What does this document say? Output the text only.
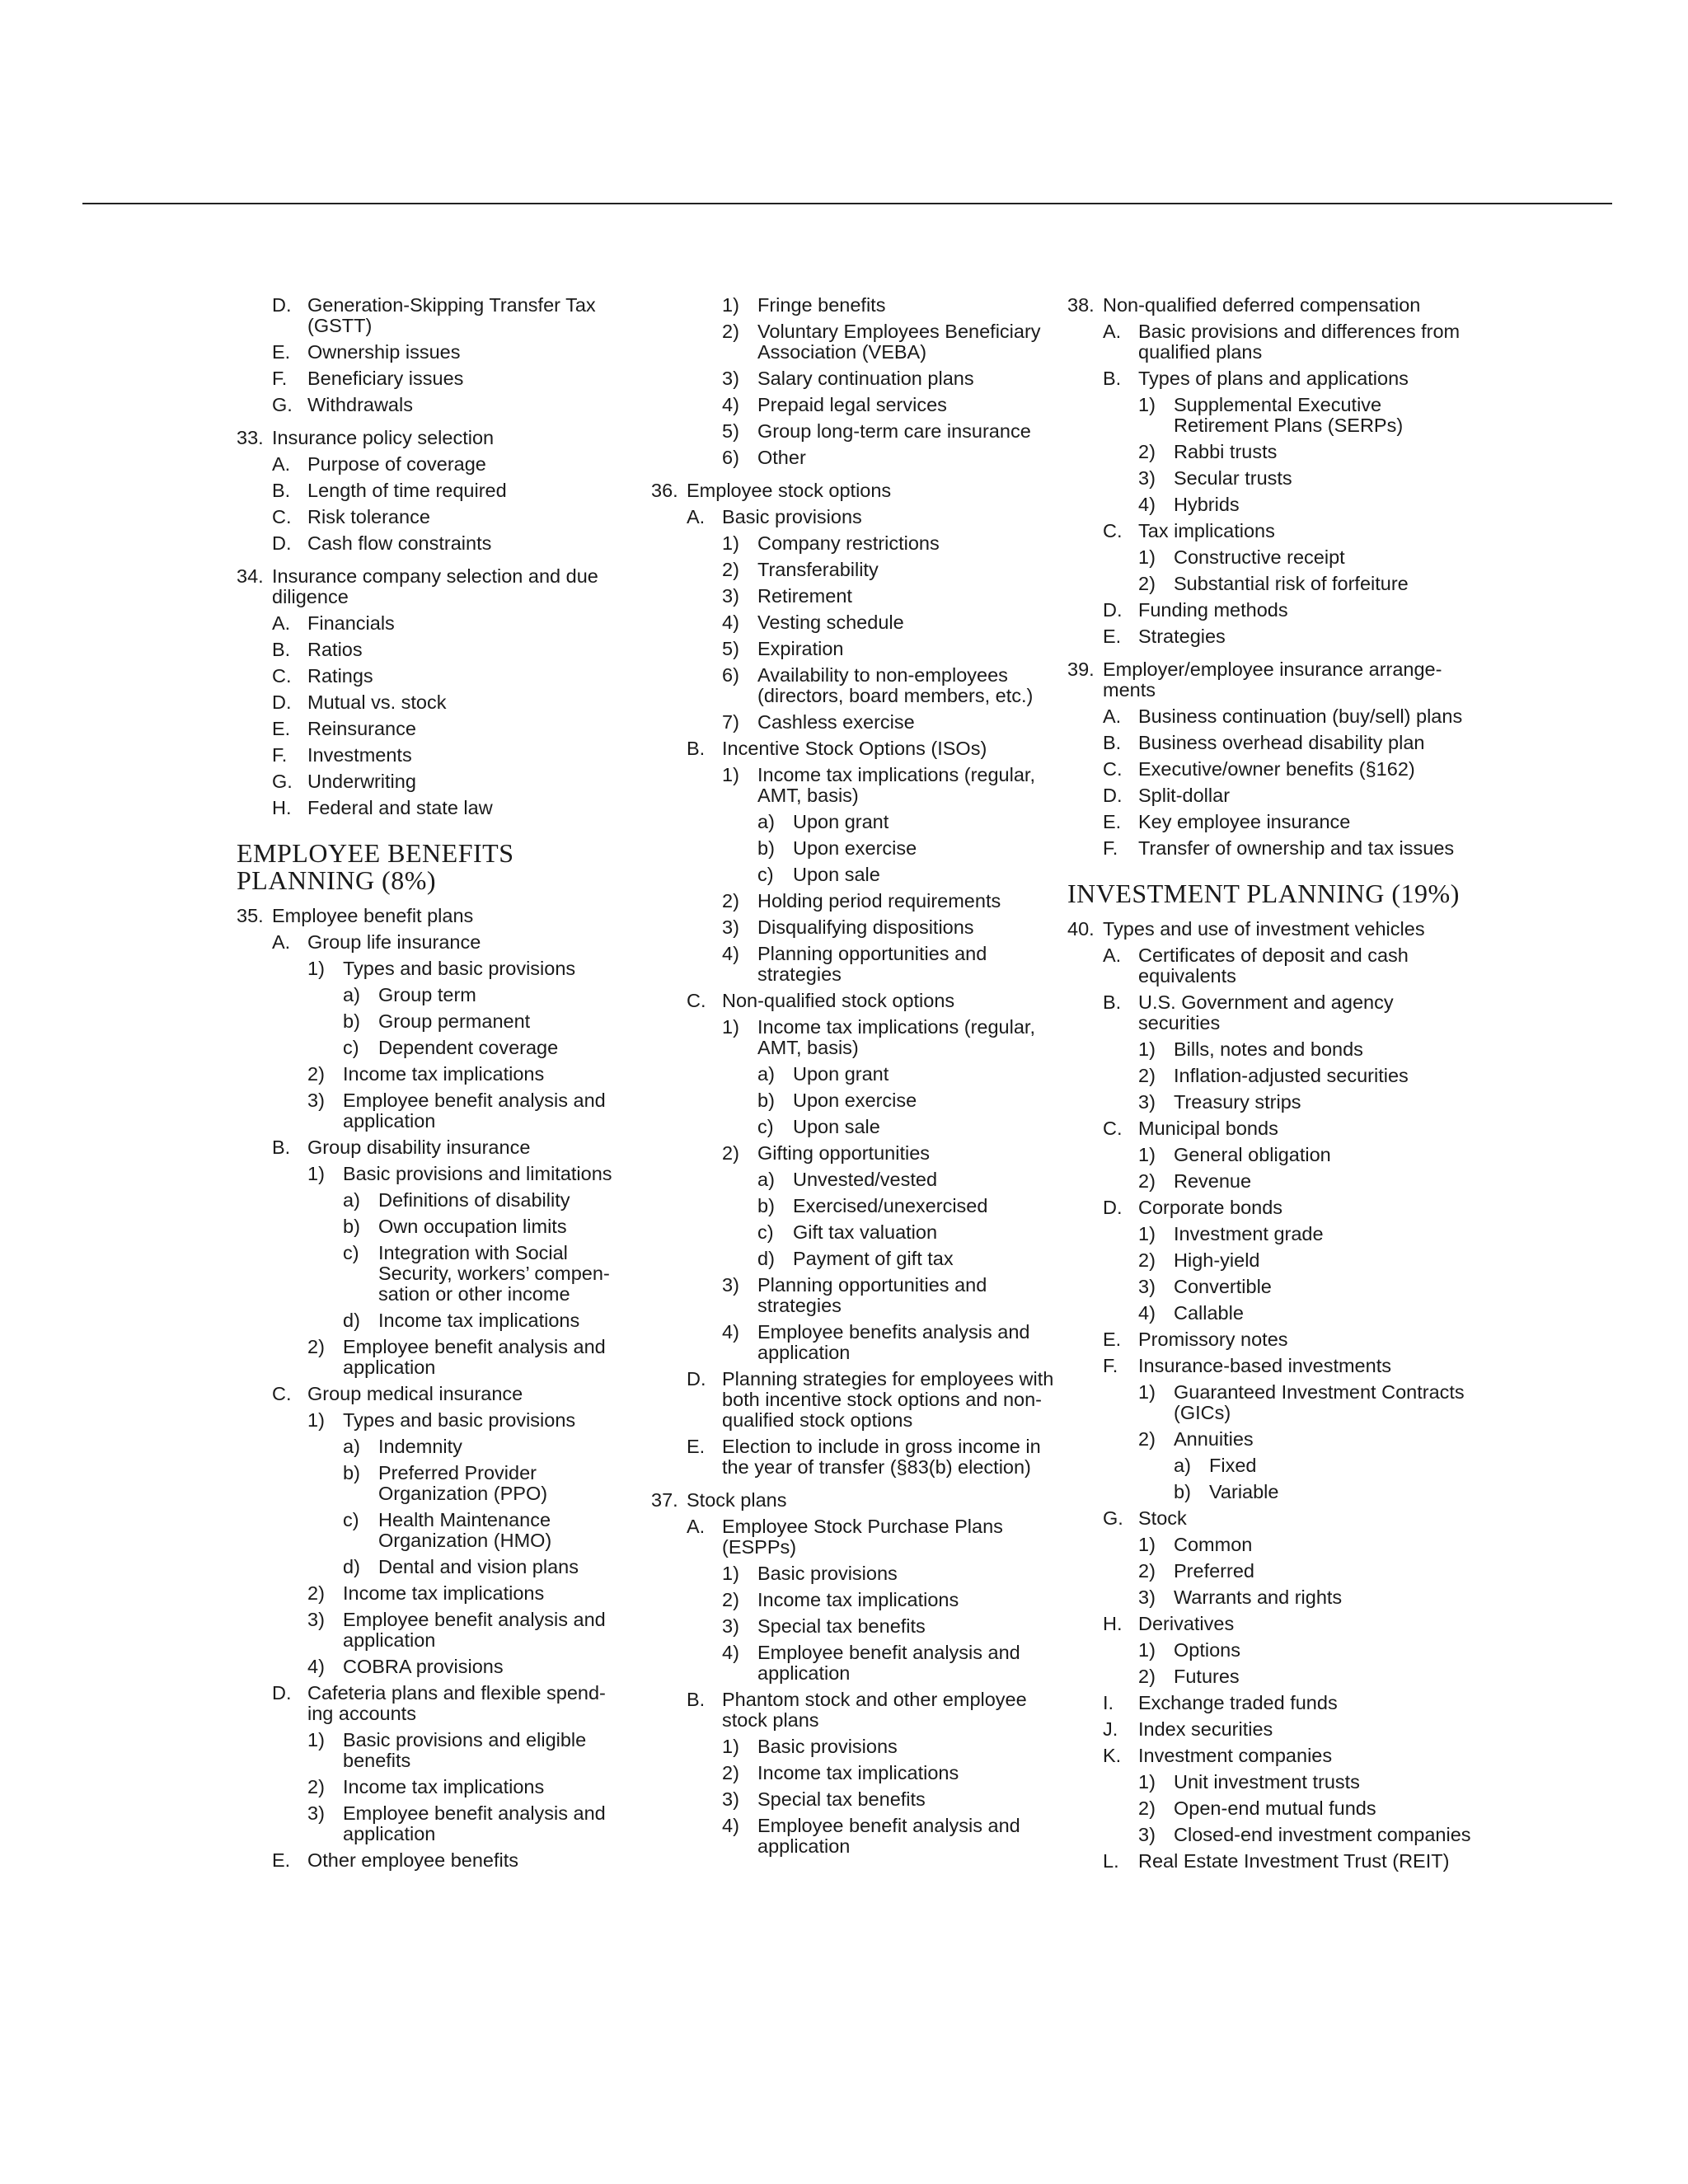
D. Generation-Skipping Transfer Tax (GSTT)
E. Ownership issues
F.	Beneficiary issues
G. Withdrawals
33. Insurance policy selection
A. Purpose of coverage
B. Length of time required
C. Risk tolerance
D. Cash flow constraints
34. Insurance company selection and due diligence
A. Financials
B. Ratios
C. Ratings
D. Mutual vs. stock
E. Reinsurance
F.	Investments
G. Underwriting
H. Federal and state law
EMPLOYEE BENEFITS
PLANNING (8%)
35. Employee benefit plans
A. Group life insurance
1) Types and basic provisions
a) Group term
b) Group permanent
c) Dependent coverage
2) Income tax implications
3) Employee benefit analysis and application
B. Group disability insurance
1) Basic provisions and limitations
a) Definitions of disability
b) Own occupation limits
c) Integration with Social Security, workers’ compen-sation or other income
d) Income tax implications
2) Employee benefit analysis and application
C. Group medical insurance
1) Types and basic provisions
a) Indemnity
b) Preferred Provider Organization (PPO)
c) Health Maintenance Organization (HMO)
d) Dental and vision plans
2) Income tax implications
3) Employee benefit analysis and application
4) COBRA provisions
D. Cafeteria plans and flexible spend-ing accounts
1) Basic provisions and eligible benefits
2) Income tax implications
3) Employee benefit analysis and application
E. Other employee benefits
1) Fringe benefits
2) Voluntary Employees Beneficiary Association (VEBA)
3) Salary continuation plans
4) Prepaid legal services
5) Group long-term care insurance
6) Other
36. Employee stock options
A. Basic provisions
1) Company restrictions
2) Transferability
3) Retirement
4) Vesting schedule
5) Expiration
6) Availability to non-employees (directors, board members, etc.)
7) Cashless exercise
B. Incentive Stock Options (ISOs)
1) Income tax implications (regular, AMT, basis)
a) Upon grant
b) Upon exercise
c) Upon sale
2) Holding period requirements
3) Disqualifying dispositions
4) Planning opportunities and strategies
C. Non-qualified stock options
1) Income tax implications (regular, AMT, basis)
a) Upon grant
b) Upon exercise
c) Upon sale
2) Gifting opportunities
a) Unvested/vested
b) Exercised/unexercised
c) Gift tax valuation
d) Payment of gift tax
3) Planning opportunities and strategies
4) Employee benefits analysis and application
D. Planning strategies for employees with both incentive stock options and non-qualified stock options
E. Election to include in gross income in the year of transfer (§83(b) election)
37. Stock plans
A. Employee Stock Purchase Plans (ESPPs)
1) Basic provisions
2) Income tax implications
3) Special tax benefits
4) Employee benefit analysis and application
B. Phantom stock and other employee stock plans
1) Basic provisions
2) Income tax implications
3) Special tax benefits
4) Employee benefit analysis and application
38. Non-qualified deferred compensation
A. Basic provisions and differences from qualified plans
B. Types of plans and applications
1) Supplemental Executive Retirement Plans (SERPs)
2) Rabbi trusts
3) Secular trusts
4) Hybrids
C. Tax implications
1) Constructive receipt
2) Substantial risk of forfeiture
D. Funding methods
E. Strategies
39. Employer/employee insurance arrange-ments
A. Business continuation (buy/sell) plans
B. Business overhead disability plan
C. Executive/owner benefits (§162)
D. Split-dollar
E. Key employee insurance
F.	Transfer of ownership and tax issues
INVESTMENT PLANNING (19%)
40. Types and use of investment vehicles
A. Certificates of deposit and cash equivalents
B. U.S. Government and agency securities
1) Bills, notes and bonds
2) Inflation-adjusted securities
3) Treasury strips
C. Municipal bonds
1) General obligation
2) Revenue
D. Corporate bonds
1) Investment grade
2) High-yield
3) Convertible
4) Callable
E. Promissory notes
F.	Insurance-based investments
1) Guaranteed Investment Contracts (GICs)
2) Annuities
a) Fixed
b) Variable
G. Stock
1) Common
2) Preferred
3) Warrants and rights
H. Derivatives
1) Options
2) Futures
I.	Exchange traded funds
J.	Index securities
K. Investment companies
1) Unit investment trusts
2) Open-end mutual funds
3) Closed-end investment companies
L. Real Estate Investment Trust (REIT)
